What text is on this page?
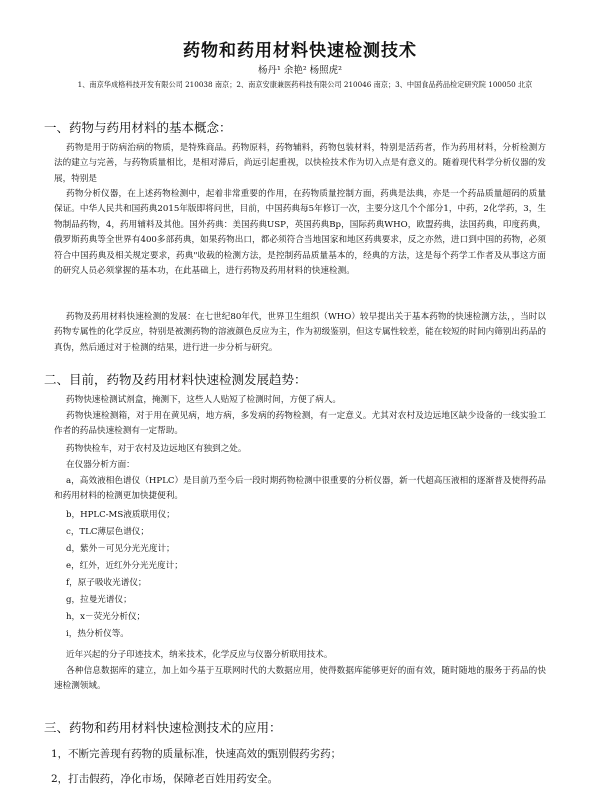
药物和药用材料快速检测技术
杨丹¹ 余艳² 杨照虎²
1、南京华成格科技开发有限公司 210038 南京；2、南京安康兼医药科技有限公司 210046 南京；3、中国食品药品检定研究院 100050 北京
一、药物与药用材料的基本概念：
药物是用于防病治病的物质，是特殊商品。药物原料，药物辅料，药物包装材料，特别是活药者，作为药用材料，分析检测方法的建立与完善，与药物质量相比，是相对滞后，尚远引起重视，以快检技术作为切入点是有意义的。随着现代科学分析仪器的发展，特别是
药物分析仪器，在上述药物检测中，起着非常重要的作用，在药物质量控制方面，药典是法典，亦是一个药品质量超码的质量保证。中华人民共和国药典2015年版即将问世，目前，中国药典每5年修订一次，主要分这几个个部分1，中药，2化学药，3，生物制品药物，4，药用辅料及其他。国外药典：美国药典USP，英国药典Bp，国际药典WHO，欧盟药典，法国药典，印度药典，俄罗斯药典等全世界有400多部药典，如果药物出口，都必须符合当地国家和地区药典要求，反之亦然，进口到中国的药物，必须符合中国药典及相关规定要求，药典"收载的检测方法，是控制药品质量基本的，经典的方法，这是每个药学工作者及从事这方面的研究人员必须掌握的基本功，在此基础上，进行药物及药用材料的快速检测。
药物及药用材料快速检测的发展：在七世纪80年代，世界卫生组织（WHO）较早提出关于基本药物的快速检测方法，，当时以药物专属性的化学反应，特别是被测药物的溶液颜色反应为主，作为初级鉴别，但这专属性较差，能在较短的时间内筛别出药品的真伪，然后通过对于检测的结果，进行进一步分析与研究。
二、目前，药物及药用材料快速检测发展趋势：
药物快速检测试剂盒，掩测下，这些人人贴短了检测时间，方便了病人。
药物快速检测箱，对于用在黄见病，地方病，多发病的药物检测，有一定意义。尤其对农村及边远地区缺少设备的一线实验工作者的药品快速检测有一定帮助。
药物快检车，对于农村及边远地区有独到之处。
在仪器分析方面：
a，高效液相色谱仪（HPLC）是目前乃至今后一段时期药物检测中很重要的分析仪器，新一代超高压液相的逐渐普及使得药品和药用材料的检测更加快捷便利。
b，HPLC-MS液质联用仪；
c，TLC薄层色谱仪；
d，紫外－可见分光光度计；
e，红外，近红外分光光度计；
f，原子吸收光谱仪；
g，拉曼光谱仪；
h，x－荧光分析仪；
i，热分析仪等。
近年兴起的分子印迹技术，纳米技术，化学反应与仪器分析联用技术。
各种信息数据库的建立，加上如今基于互联网时代的大数据应用，使得数据库能够更好的面有效，随时随地的服务于药品的快速检测领域。
三、药物和药用材料快速检测技术的应用：
1，不断完善现有药物的质量标准，快速高效的甄别假药劣药；
2，打击假药，净化市场，保障老百姓用药安全。
